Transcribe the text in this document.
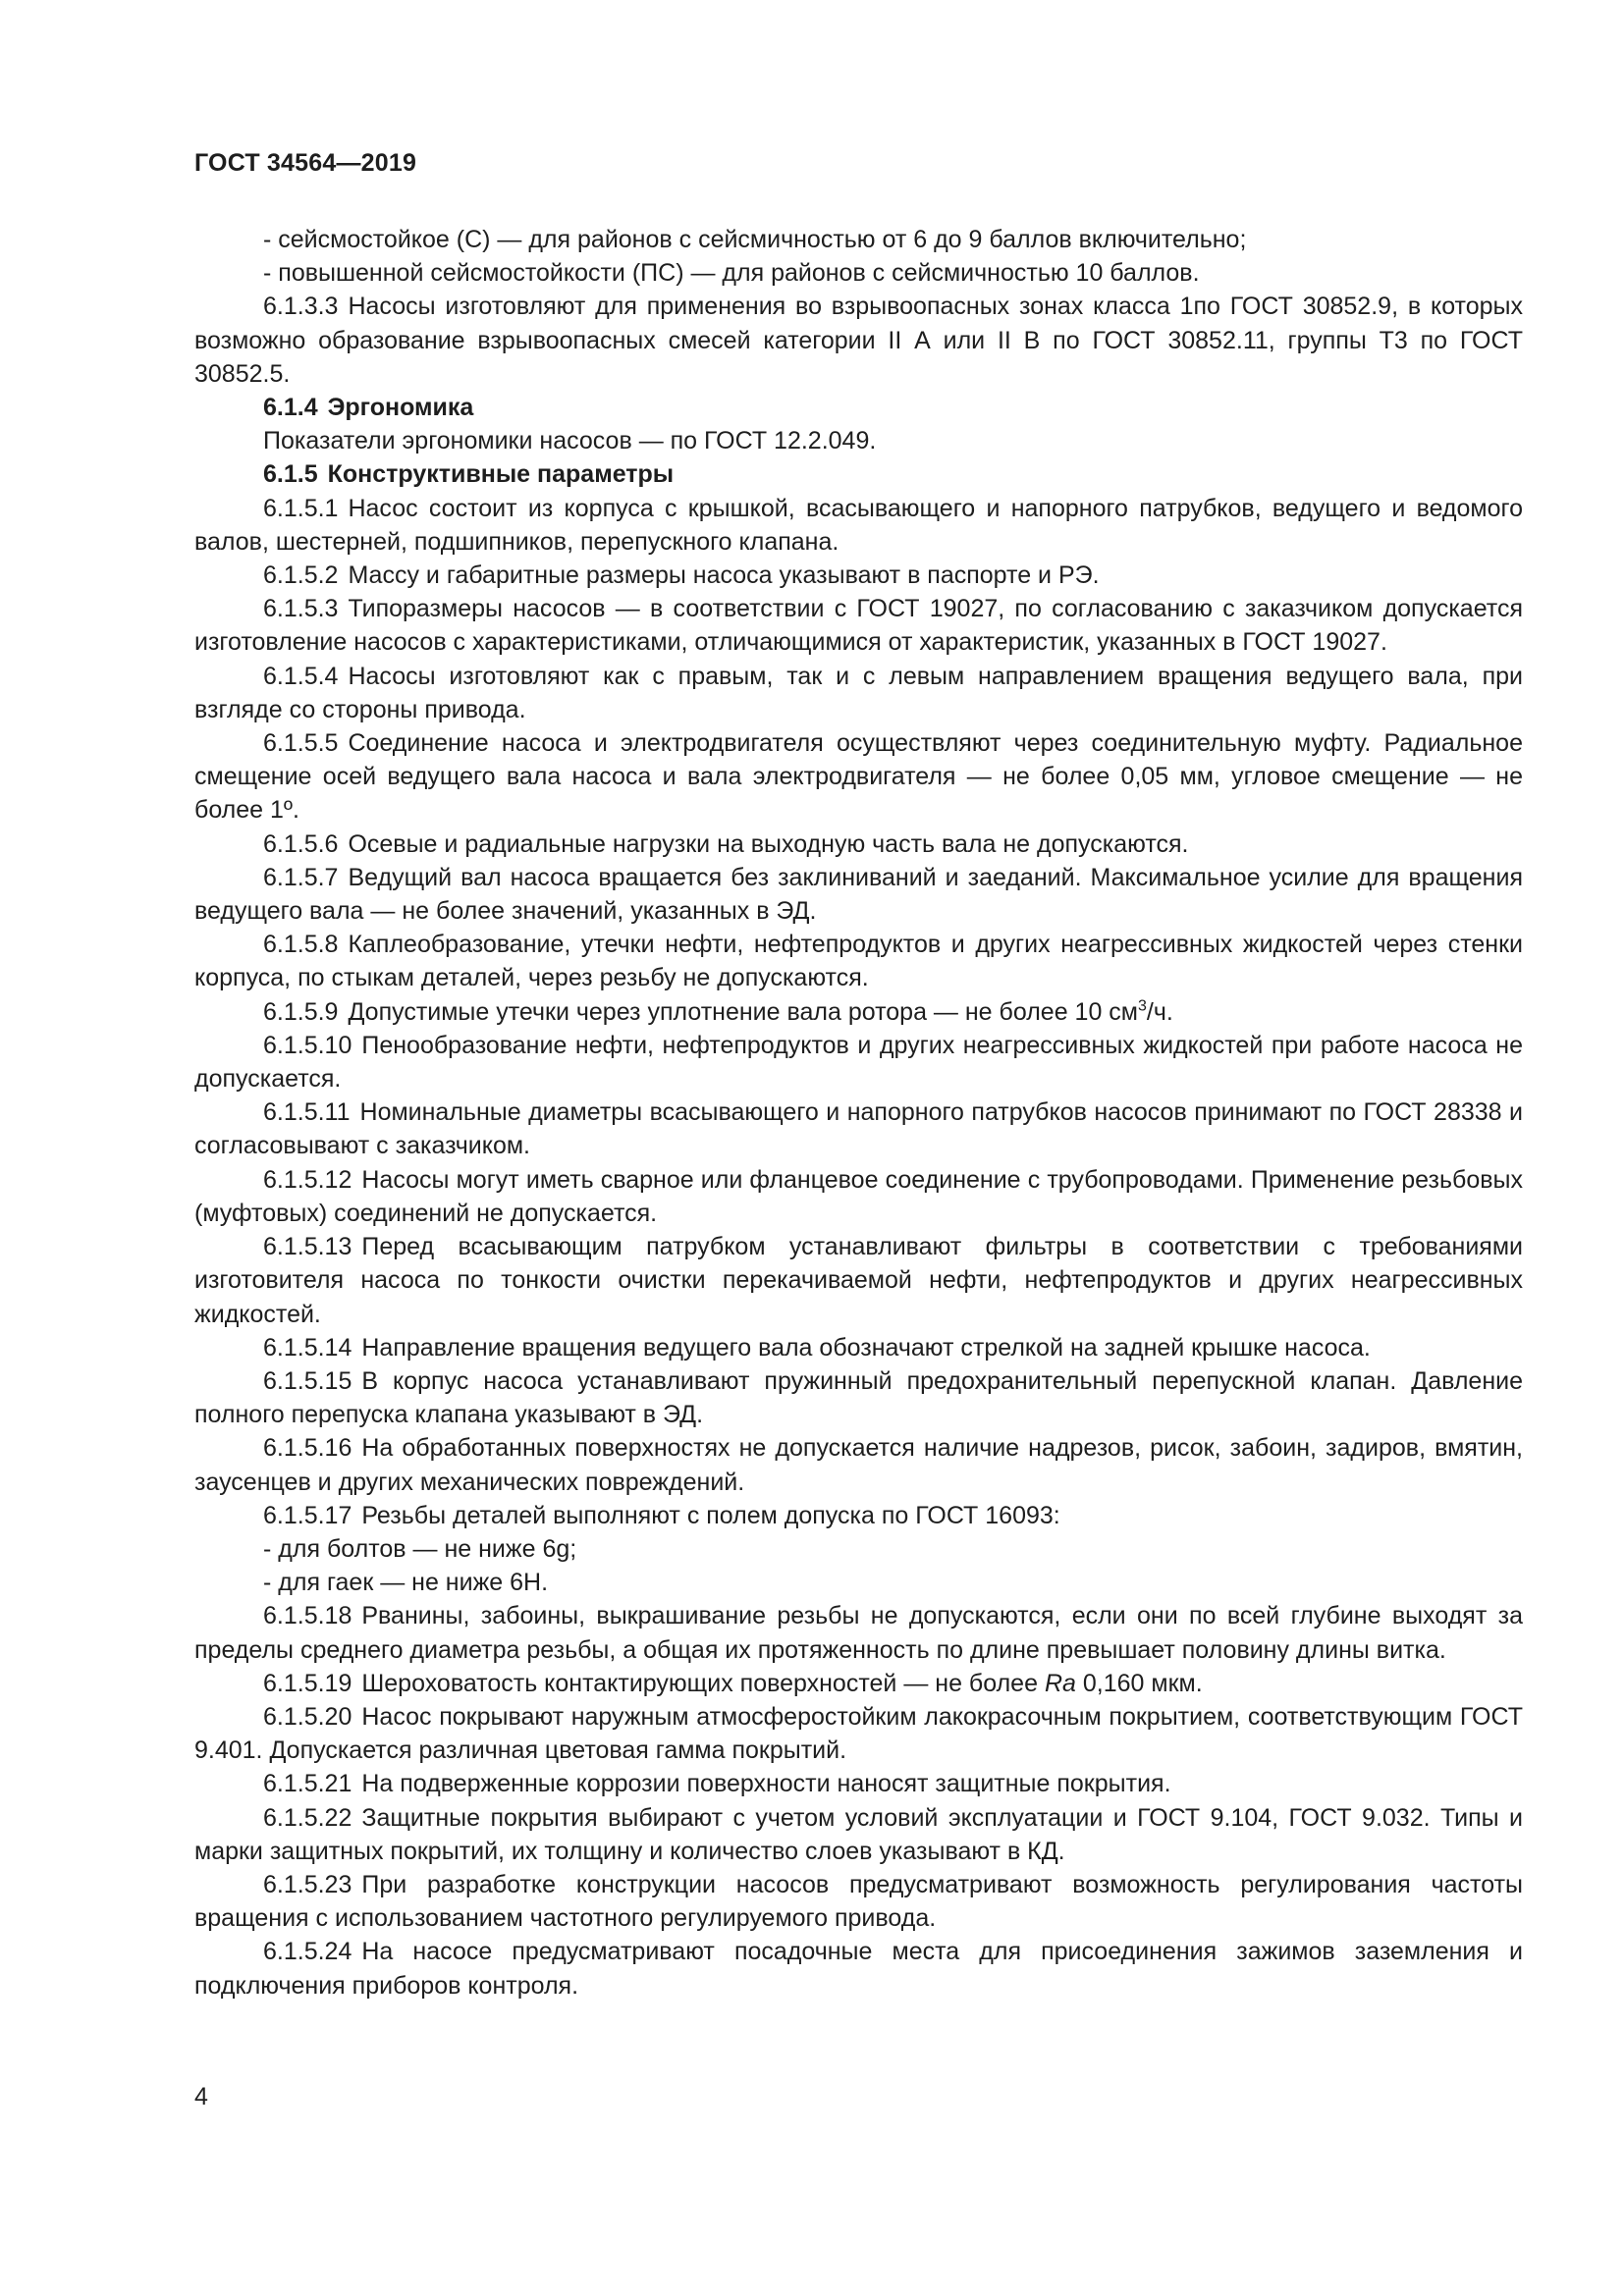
ГОСТ 34564—2019

- сейсмостойкое (С) — для районов с сейсмичностью от 6 до 9 баллов включительно;

- повышенной сейсмостойкости (ПС) — для районов с сейсмичностью 10 баллов.

6.1.3.3 Насосы изготовляют для применения во взрывоопасных зонах класса 1по ГОСТ 30852.9, в которых возможно образование взрывоопасных смесей категории II А или II В по ГОСТ 30852.11, группы Т3 по ГОСТ 30852.5.

6.1.4 Эргономика

Показатели эргономики насосов — по ГОСТ 12.2.049.

6.1.5 Конструктивные параметры

6.1.5.1 Насос состоит из корпуса с крышкой, всасывающего и напорного патрубков, ведущего и ведомого валов, шестерней, подшипников, перепускного клапана.

6.1.5.2 Массу и габаритные размеры насоса указывают в паспорте и РЭ.

6.1.5.3 Типоразмеры насосов — в соответствии с ГОСТ 19027, по согласованию с заказчиком допускается изготовление насосов с характеристиками, отличающимися от характеристик, указанных в ГОСТ 19027.

6.1.5.4 Насосы изготовляют как с правым, так и с левым направлением вращения ведущего вала, при взгляде со стороны привода.

6.1.5.5 Соединение насоса и электродвигателя осуществляют через соединительную муфту. Радиальное смещение осей ведущего вала насоса и вала электродвигателя — не более 0,05 мм, угловое смещение — не более 1º.

6.1.5.6 Осевые и радиальные нагрузки на выходную часть вала не допускаются.

6.1.5.7 Ведущий вал насоса вращается без заклиниваний и заеданий. Максимальное усилие для вращения ведущего вала — не более значений, указанных в ЭД.

6.1.5.8 Каплеобразование, утечки нефти, нефтепродуктов и других неагрессивных жидкостей через стенки корпуса, по стыкам деталей, через резьбу не допускаются.

6.1.5.9 Допустимые утечки через уплотнение вала ротора — не более 10 $см^3/ч$.

6.1.5.10 Пенообразование нефти, нефтепродуктов и других неагрессивных жидкостей при работе насоса не допускается.

6.1.5.11 Номинальные диаметры всасывающего и напорного патрубков насосов принимают по ГОСТ 28338 и согласовывают с заказчиком.

6.1.5.12 Насосы могут иметь сварное или фланцевое соединение с трубопроводами. Применение резьбовых (муфтовых) соединений не допускается.

6.1.5.13 Перед всасывающим патрубком устанавливают фильтры в соответствии с требованиями изготовителя насоса по тонкости очистки перекачиваемой нефти, нефтепродуктов и других неагрессивных жидкостей.

6.1.5.14 Направление вращения ведущего вала обозначают стрелкой на задней крышке насоса.

6.1.5.15 В корпус насоса устанавливают пружинный предохранительный перепускной клапан. Давление полного перепуска клапана указывают в ЭД.

6.1.5.16 На обработанных поверхностях не допускается наличие надрезов, рисок, забоин, задиров, вмятин, заусенцев и других механических повреждений.

6.1.5.17 Резьбы деталей выполняют с полем допуска по ГОСТ 16093:

- для болтов — не ниже 6g;

- для гаек — не ниже 6Н.

6.1.5.18 Рванины, забоины, выкрашивание резьбы не допускаются, если они по всей глубине выходят за пределы среднего диаметра резьбы, а общая их протяженность по длине превышает половину длины витка.

6.1.5.19 Шероховатость контактирующих поверхностей — не более Ra 0,160 мкм.

6.1.5.20 Насос покрывают наружным атмосферостойким лакокрасочным покрытием, соответствующим ГОСТ 9.401. Допускается различная цветовая гамма покрытий.

6.1.5.21 На подверженные коррозии поверхности наносят защитные покрытия.

6.1.5.22 Защитные покрытия выбирают с учетом условий эксплуатации и ГОСТ 9.104, ГОСТ 9.032. Типы и марки защитных покрытий, их толщину и количество слоев указывают в КД.

6.1.5.23 При разработке конструкции насосов предусматривают возможность регулирования частоты вращения с использованием частотного регулируемого привода.

6.1.5.24 На насосе предусматривают посадочные места для присоединения зажимов заземления и подключения приборов контроля.

4
